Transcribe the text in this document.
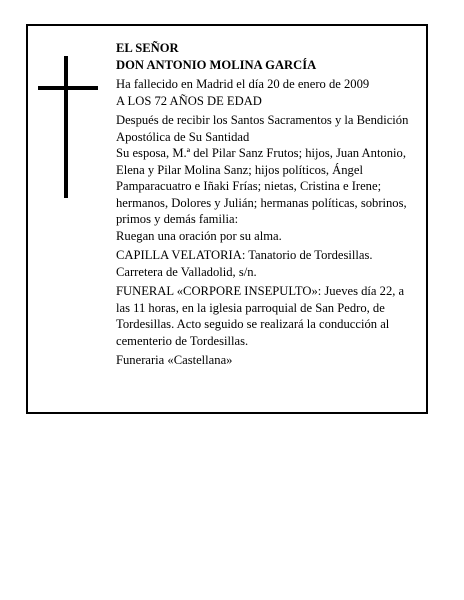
EL SEÑOR

DON ANTONIO MOLINA GARCÍA

Ha fallecido en Madrid el día 20 de enero de 2009

A LOS 72 AÑOS DE EDAD

Después de recibir los Santos Sacramentos y la Bendición Apostólica de Su Santidad

Su esposa, M.ª del Pilar Sanz Frutos; hijos, Juan Antonio, Elena y Pilar Molina Sanz; hijos políticos, Ángel Pamparacuatro e Iñaki Frías; nietas, Cristina e Irene; hermanos, Dolores y Julián; hermanas políticas, sobrinos, primos y demás familia:

Ruegan una oración por su alma.

CAPILLA VELATORIA: Tanatorio de Tordesillas. Carretera de Valladolid, s/n.

FUNERAL «CORPORE INSEPULTO»: Jueves día 22, a las 11 horas, en la iglesia parroquial de San Pedro, de Tordesillas. Acto seguido se realizará la conducción al cementerio de Tordesillas.

Funeraria «Castellana»
